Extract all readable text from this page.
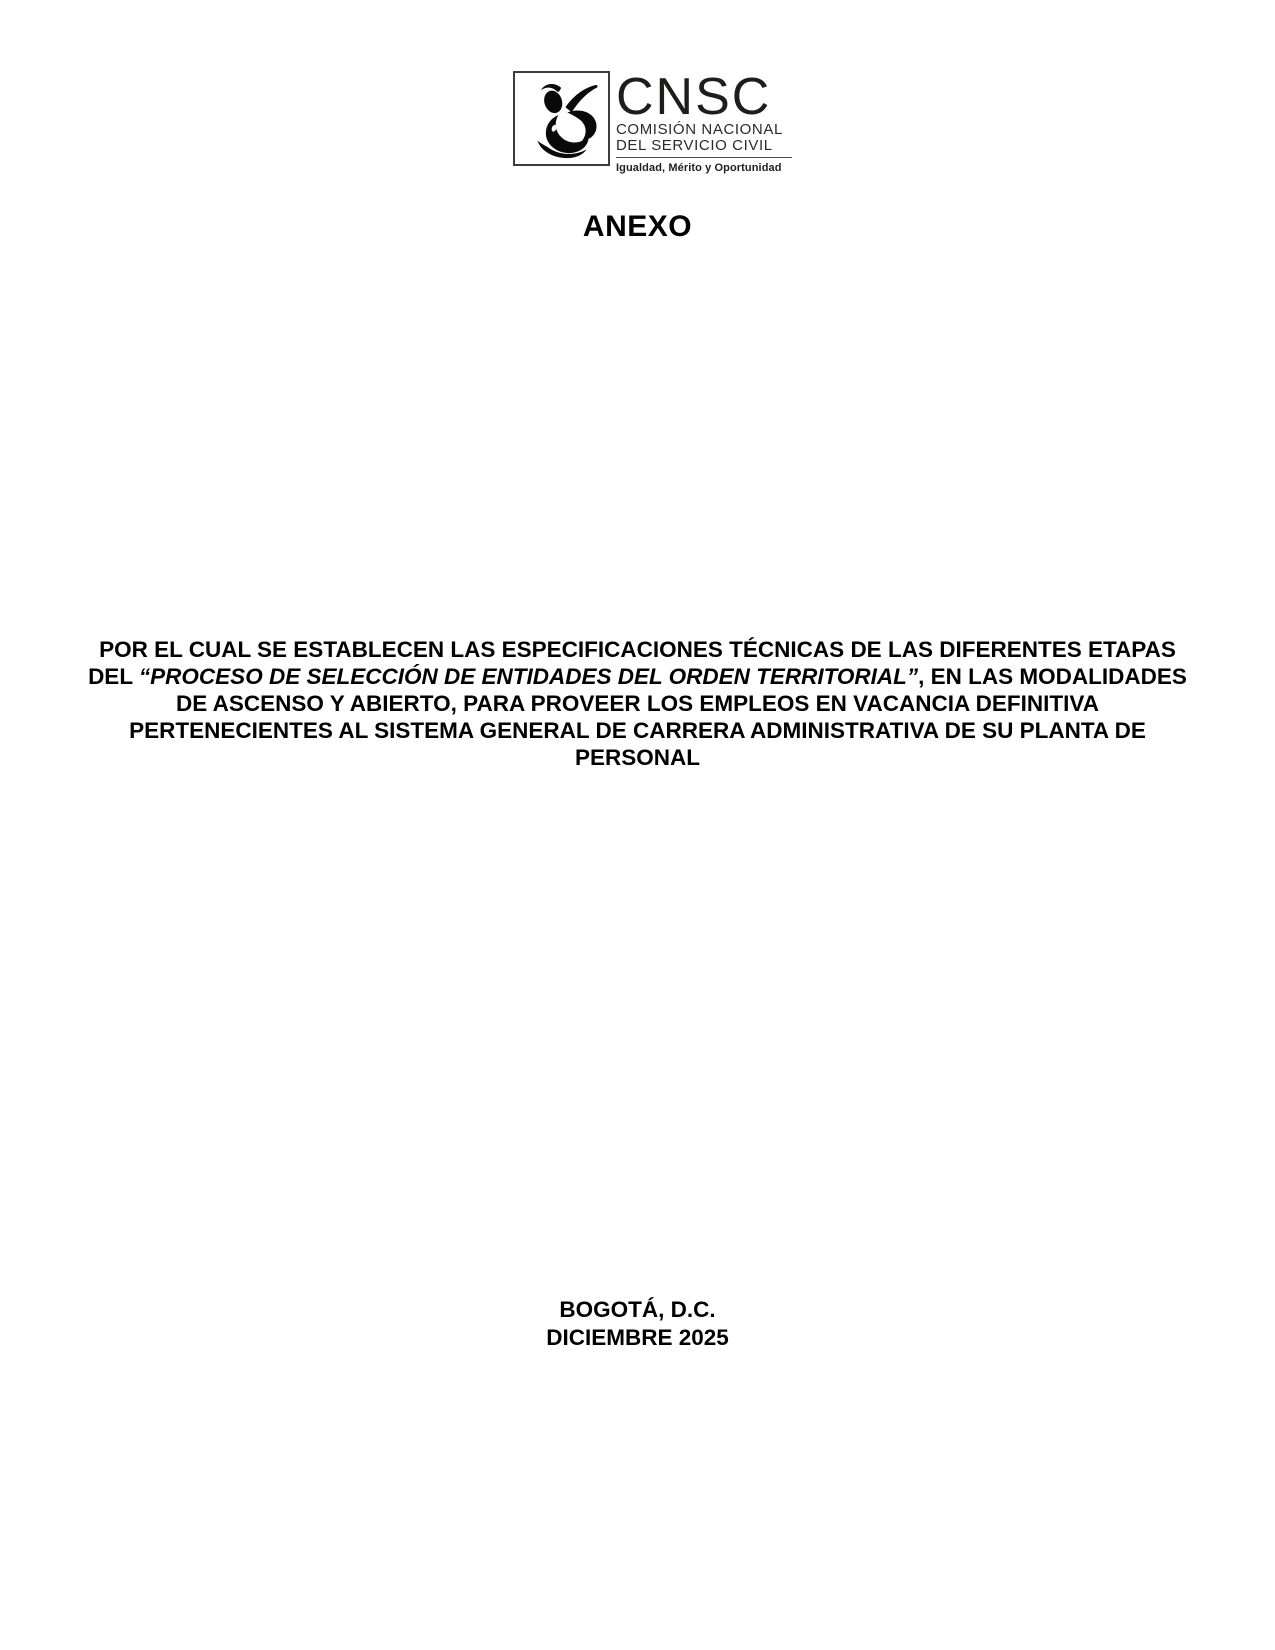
CNSC
COMISIÓN NACIONAL
DEL SERVICIO CIVIL
Igualdad, Mérito y Oportunidad
ANEXO
POR EL CUAL SE ESTABLECEN LAS ESPECIFICACIONES TÉCNICAS DE LAS DIFERENTES ETAPAS DEL “PROCESO DE SELECCIÓN DE ENTIDADES DEL ORDEN TERRITORIAL”, EN LAS MODALIDADES DE ASCENSO Y ABIERTO, PARA PROVEER LOS EMPLEOS EN VACANCIA DEFINITIVA PERTENECIENTES AL SISTEMA GENERAL DE CARRERA ADMINISTRATIVA DE SU PLANTA DE PERSONAL
BOGOTÁ, D.C.
DICIEMBRE 2025
